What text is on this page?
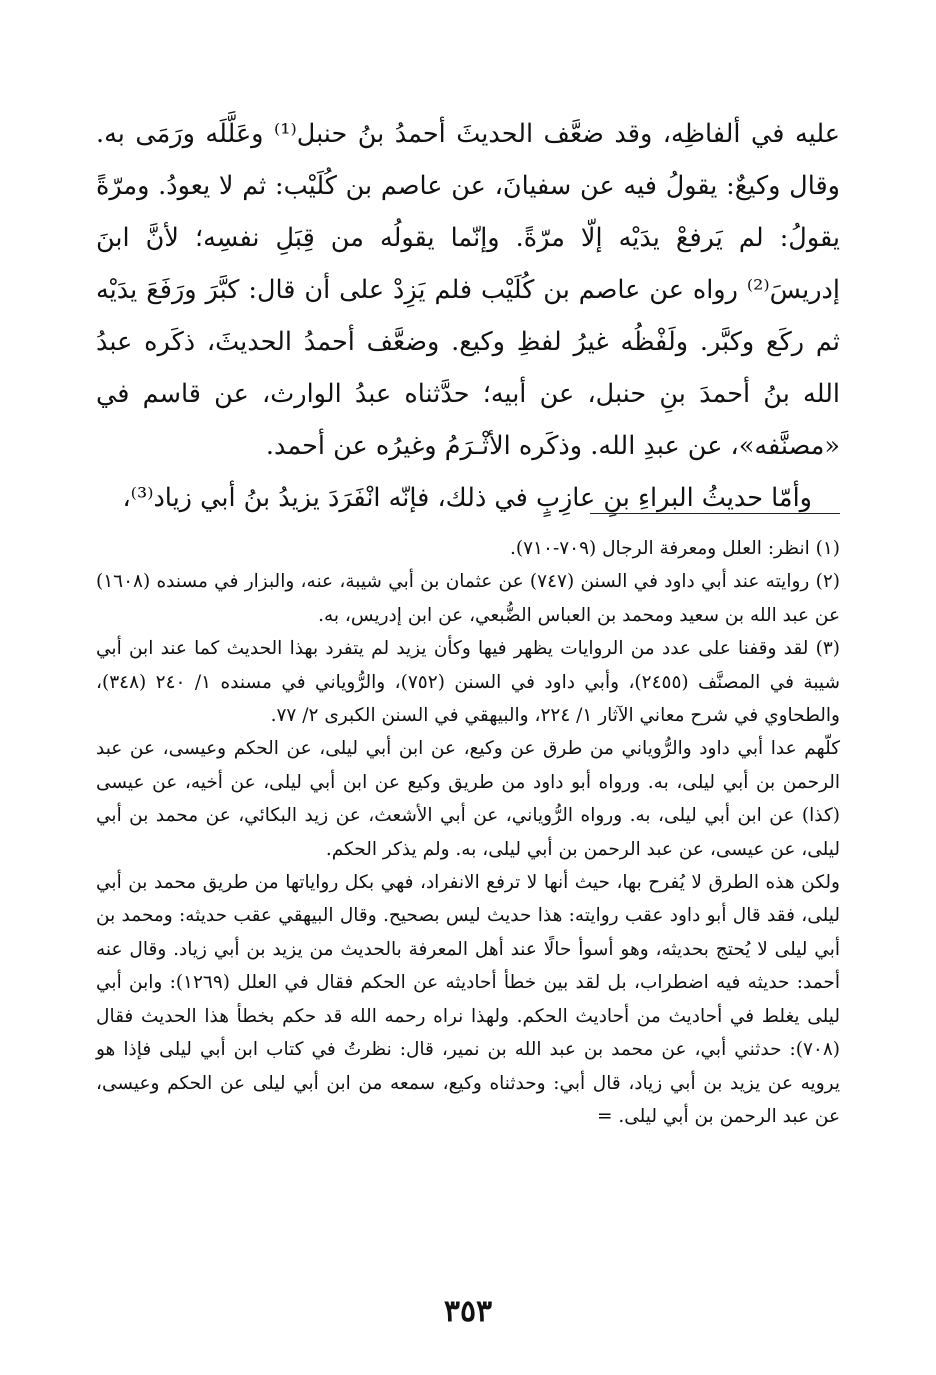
عليه في ألفاظِه، وقد ضعَّف الحديثَ أحمدُ بنُ حنبل⁽¹⁾ وعَلَّلَه ورَمَى به. وقال وكيعٌ: يقولُ فيه عن سفيانَ، عن عاصم بن كُلَيْب: ثم لا يعودُ. ومرّةً يقولُ: لم يَرفعْ يدَيْه إلّا مرّةً. وإنّما يقولُه من قِبَلِ نفسِه؛ لأنَّ ابنَ إدريسَ⁽²⁾ رواه عن عاصم بن كُلَيْب فلم يَزِدْ على أن قال: كبَّرَ ورَفَعَ يدَيْه ثم ركَع وكبَّر. ولَفْظُه غيرُ لفظِ وكيع. وضعَّف أحمدُ الحديثَ، ذكَره عبدُ الله بنُ أحمدَ بنِ حنبل، عن أبيه؛ حدَّثناه عبدُ الوارث، عن قاسم في «مصنَّفه»، عن عبدِ الله. وذكَره الأثْـرَمُ وغيرُه عن أحمد.

وأمّا حديثُ البراءِ بنِ عازِبٍ في ذلك، فإنّه انْفَرَدَ يزيدُ بنُ أبي زياد⁽³⁾،

(١) انظر: العلل ومعرفة الرجال (٧٠٩-٧١٠).

(٢) روايته عند أبي داود في السنن (٧٤٧) عن عثمان بن أبي شيبة، عنه، والبزار في مسنده (١٦٠٨) عن عبد الله بن سعيد ومحمد بن العباس الضُّبعي، عن ابن إدريس، به.

(٣) لقد وقفنا على عدد من الروايات يظهر فيها وكأن يزيد لم يتفرد بهذا الحديث كما عند ابن أبي شيبة في المصنَّف (٢٤٥٥)، وأبي داود في السنن (٧٥٢)، والرُّوياني في مسنده ١/ ٢٤٠ (٣٤٨)، والطحاوي في شرح معاني الآثار ١/ ٢٢٤، والبيهقي في السنن الكبرى ٢/ ٧٧.

كلّهم عدا أبي داود والرُّوياني من طرق عن وكيع، عن ابن أبي ليلى، عن الحكم وعيسى، عن عبد الرحمن بن أبي ليلى، به. ورواه أبو داود من طريق وكيع عن ابن أبي ليلى، عن أخيه، عن عيسى (كذا) عن ابن أبي ليلى، به. ورواه الرُّوياني، عن أبي الأشعث، عن زيد البكائي، عن محمد بن أبي ليلى، عن عيسى، عن عبد الرحمن بن أبي ليلى، به. ولم يذكر الحكم.

ولكن هذه الطرق لا يُفرح بها، حيث أنها لا ترفع الانفراد، فهي بكل رواياتها من طريق محمد بن أبي ليلى، فقد قال أبو داود عقب روايته: هذا حديث ليس بصحيح. وقال البيهقي عقب حديثه: ومحمد بن أبي ليلى لا يُحتج بحديثه، وهو أسوأ حالًا عند أهل المعرفة بالحديث من يزيد بن أبي زياد. وقال عنه أحمد: حديثه فيه اضطراب، بل لقد بين خطأ أحاديثه عن الحكم فقال في العلل (١٢٦٩): وابن أبي ليلى يغلط في أحاديث من أحاديث الحكم. ولهذا نراه رحمه الله قد حكم بخطأ هذا الحديث فقال (٧٠٨): حدثني أبي، عن محمد بن عبد الله بن نمير، قال: نظرتُ في كتاب ابن أبي ليلى فإذا هو يرويه عن يزيد بن أبي زياد، قال أبي: وحدثناه وكيع، سمعه من ابن أبي ليلى عن الحكم وعيسى، عن عبد الرحمن بن أبي ليلى. =

٣٥٣
